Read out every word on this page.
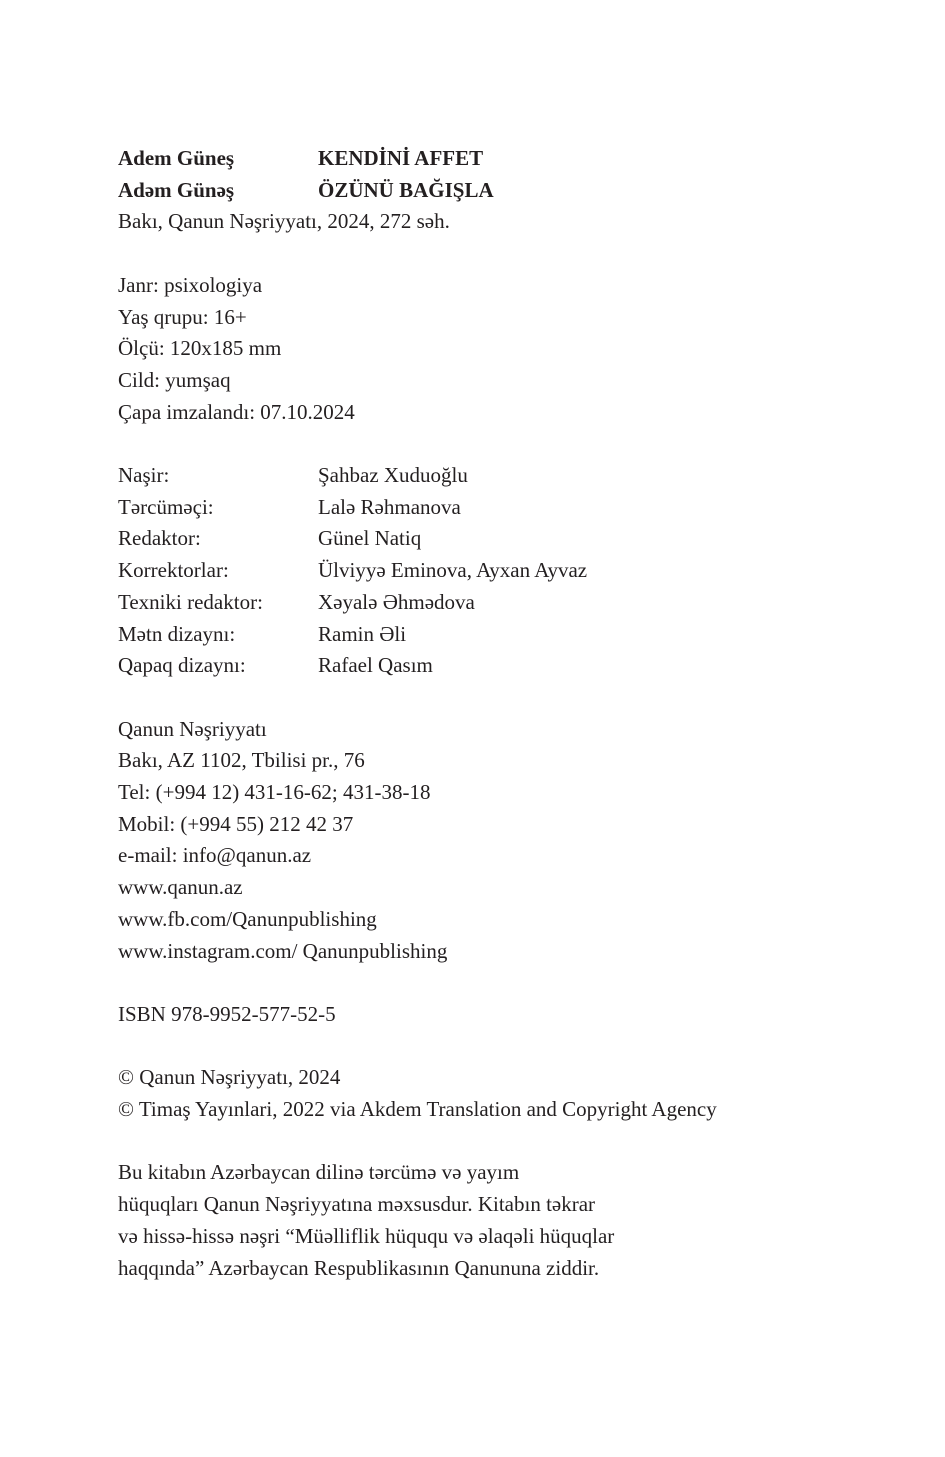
Adem Güneş	KENDİNİ AFFET
Adəm Günəş	ÖZÜNÜ BAĞIŞLA
Bakı, Qanun Nəşriyyatı, 2024, 272 səh.
Janr: psixologiya
Yaş qrupu: 16+
Ölçü: 120x185 mm
Cild: yumşaq
Çapa imzalandı: 07.10.2024
Naşir:	Şahbaz Xuduoğlu
Tərcüməçi:	Lalə Rəhmanova
Redaktor:	Günel Natiq
Korrektorlar:	Ülviyyə Eminova, Ayxan Ayvaz
Texniki redaktor:	Xəyalə Əhmədova
Mətn dizaynı:	Ramin Əli
Qapaq dizaynı:	Rafael Qasım
Qanun Nəşriyyatı
Bakı, AZ 1102, Tbilisi pr., 76
Tel: (+994 12) 431-16-62; 431-38-18
Mobil: (+994 55) 212 42 37
e-mail: info@qanun.az
www.qanun.az
www.fb.com/Qanunpublishing
www.instagram.com/ Qanunpublishing
ISBN 978-9952-577-52-5
© Qanun Nəşriyyatı, 2024
© Timaş Yayınlari, 2022 via Akdem Translation and Copyright Agency
Bu kitabın Azərbaycan dilinə tərcümə və yayım
hüquqları Qanun Nəşriyyatına məxsusdur. Kitabın təkrar
və hissə-hissə nəşri “Müəlliflik hüququ və əlaqəli hüquqlar
haqqında” Azərbaycan Respublikasının Qanununa ziddir.
